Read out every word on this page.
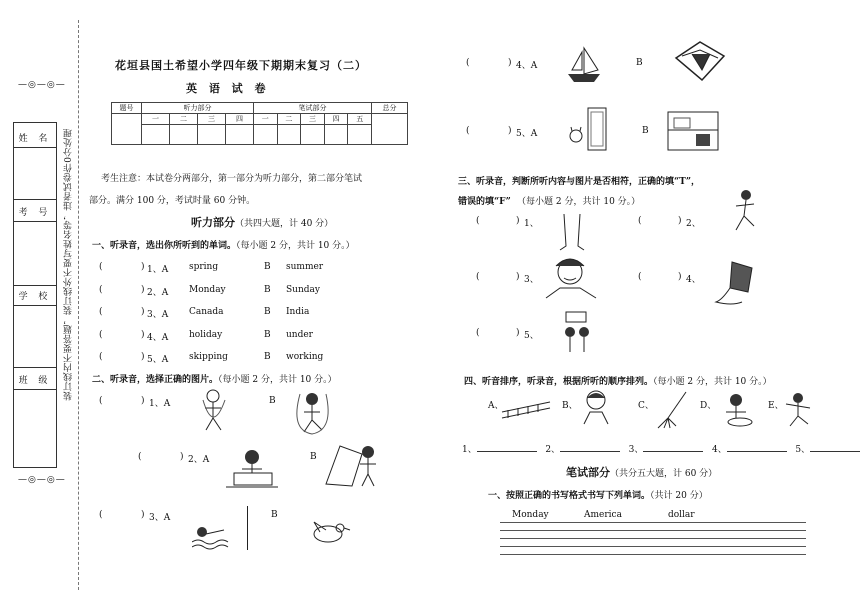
—◎—◎—
姓 名
考 号
学 校
班 级
—◎—◎—
装订线内不要答题，装订线外不要写姓名等，违者试卷作0分处理
花垣县国土希望小学四年级下期期末复习（二）
英 语 试 卷
题号	听力部分				笔试部分					总分
	一	二	三	四	一	二	三	四	五	

考生注意：本试卷分两部分，第一部分为听力部分，第二部分笔试
部分。满分 100 分，考试时量 60 分钟。
听力部分（共四大题，计 40 分）
一、听录音，选出你所听到的单词。（每小题 2 分，共计 10 分。）
(	) 1、A spring	B summer
(	) 2、A Monday	B Sunday
(	) 3、A Canada	B India
(	) 4、A holiday	B under
(	) 5、A skipping	B working
二、听录音，选择正确的图片。（每小题 2 分，共计 10 分。）
(	) 1、A	B
(	) 2、A	B
(	) 3、A	B
(	) 4、A	B
(	) 5、A	B
三、听录音，判断所听内容与图片是否相符，正确的填“T”，
错误的填“F” （每小题 2 分，共计 10 分。）
(	) 1、	(	) 2、
(	) 3、	(	) 4、
(	) 5、
四、听音排序，听录音，根据所听的顺序排列。（每小题 2 分，共计 10 分。）
A、	B、	C、	D、	E、
1、	2、	3、	4、	5、
笔试部分（共分五大题，计 60 分）
一、按照正确的书写格式书写下列单词。（共计 20 分）
Monday	America	dollar
